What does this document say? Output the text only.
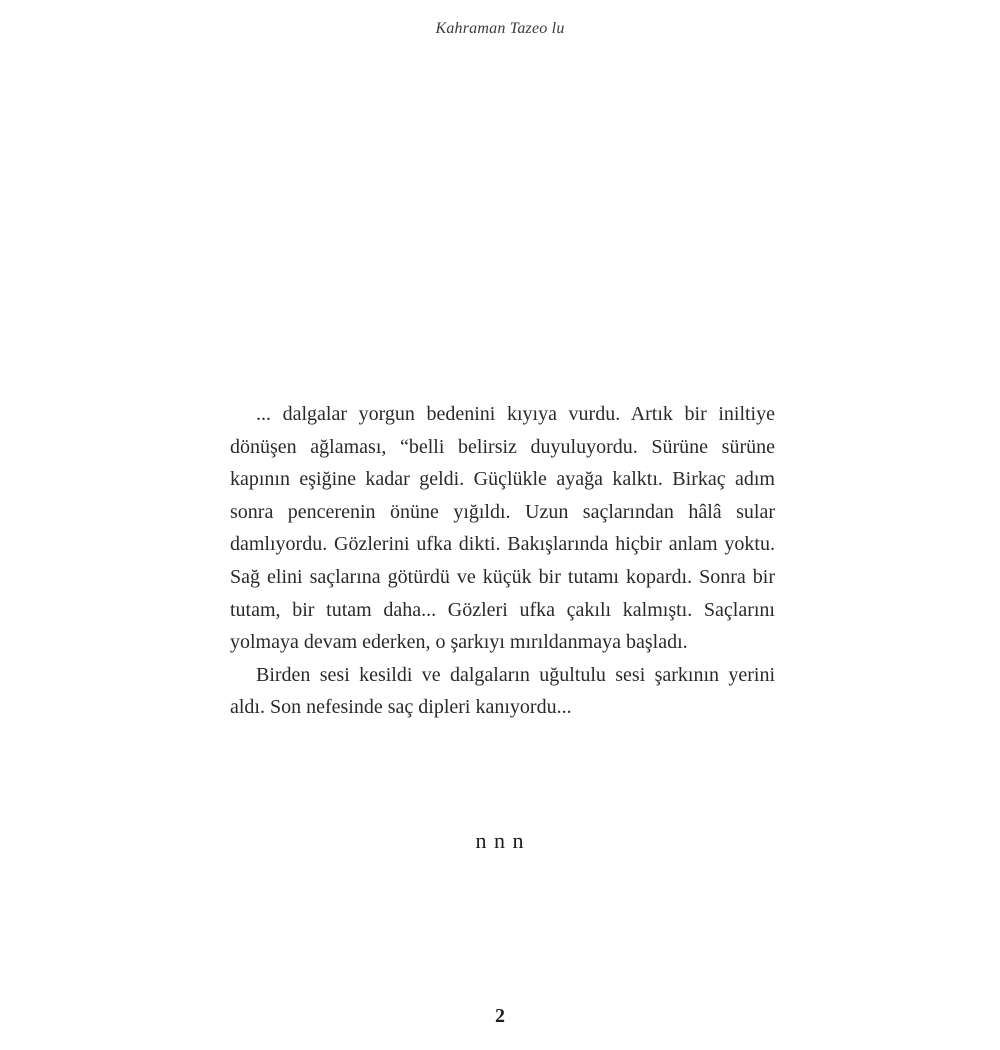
Kahraman Tazeo lu

... dalgalar yorgun bedenini kıyıya vurdu. Artık bir iniltiye dönüşen ağlaması, “belli belirsiz duyuluyordu. Sürüne sürüne kapının eşiğine kadar geldi. Güçlükle ayağa kalktı. Birkaç adım sonra pencerenin önüne yığıldı. Uzun saçlarından hâlâ sular damlıyordu. Gözlerini ufka dikti. Bakışlarında hiçbir anlam yoktu. Sağ elini saçlarına götürdü ve küçük bir tutamı kopardı. Sonra bir tutam, bir tutam daha... Gözleri ufka çakılı kalmıştı. Saçlarını yolmaya devam ederken, o şarkıyı mırıldanmaya başladı.

Birden sesi kesildi ve dalgaların uğultulu sesi şarkının yerini aldı. Son nefesinde saç dipleri kanıyordu...

n n n
2
